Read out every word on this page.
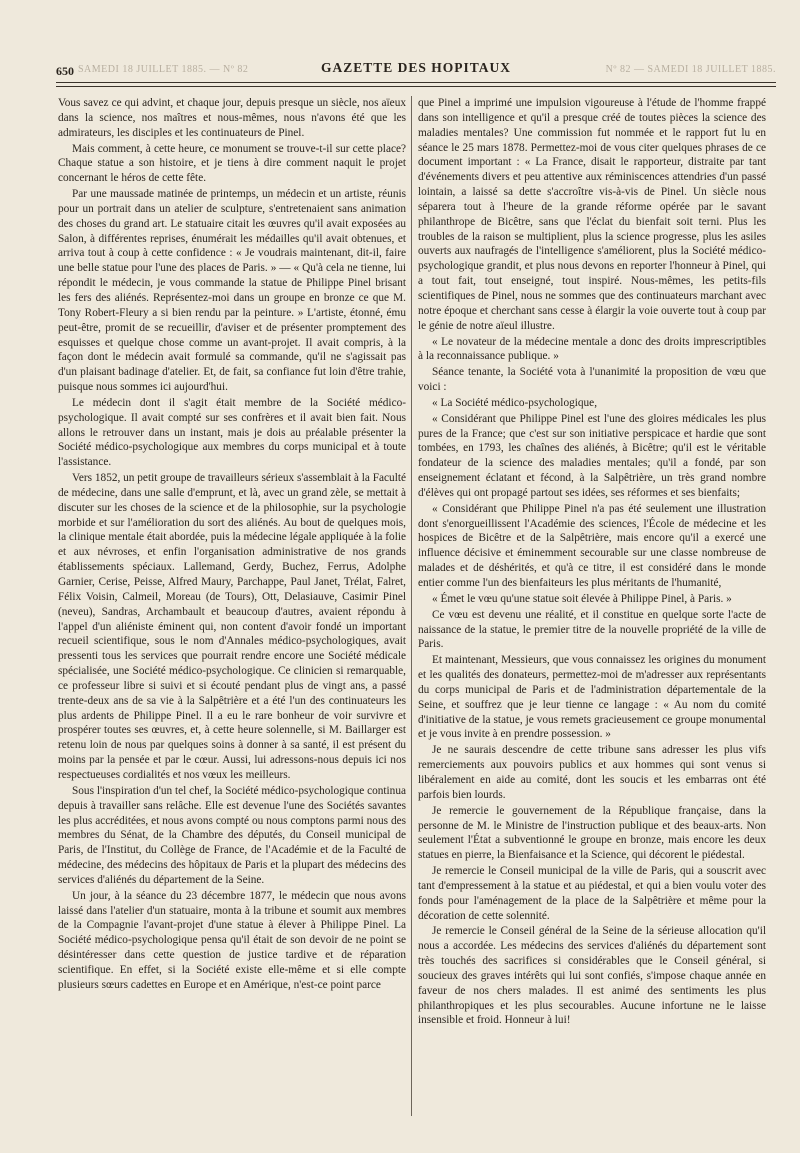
650 SAMEDI 18 JUILLET 1885. — Nº 82	GAZETTE DES HOPITAUX	Nº 82 — SAMEDI 18 JUILLET 1885.

Vous savez ce qui advint, et chaque jour, depuis presque un siècle, nos aïeux dans la science, nos maîtres et nous-mêmes, nous n'avons été que les admirateurs, les disciples et les continuateurs de Pinel.

Mais comment, à cette heure, ce monument se trouve-t-il sur cette place? Chaque statue a son histoire, et je tiens à dire comment naquit le projet concernant le héros de cette fête.

Par une maussade matinée de printemps, un médecin et un artiste, réunis pour un portrait dans un atelier de sculpture, s'entretenaient sans animation des choses du grand art. Le statuaire citait les œuvres qu'il avait exposées au Salon, à différentes reprises, énumérait les médailles qu'il avait obtenues, et arriva tout à coup à cette confidence : « Je voudrais maintenant, dit-il, faire une belle statue pour l'une des places de Paris. » — « Qu'à cela ne tienne, lui répondit le médecin, je vous commande la statue de Philippe Pinel brisant les fers des aliénés. Représentez-moi dans un groupe en bronze ce que M. Tony Robert-Fleury a si bien rendu par la peinture. » L'artiste, étonné, ému peut-être, promit de se recueillir, d'aviser et de présenter promptement des esquisses et quelque chose comme un avant-projet. Il avait compris, à la façon dont le médecin avait formulé sa commande, qu'il ne s'agissait pas d'un plaisant badinage d'atelier. Et, de fait, sa confiance fut loin d'être trahie, puisque nous sommes ici aujourd'hui.

Le médecin dont il s'agit était membre de la Société médico-psychologique. Il avait compté sur ses confrères et il avait bien fait. Nous allons le retrouver dans un instant, mais je dois au préalable présenter la Société médico-psychologique aux membres du corps municipal et à toute l'assistance.

Vers 1852, un petit groupe de travailleurs sérieux s'assemblait à la Faculté de médecine, dans une salle d'emprunt, et là, avec un grand zèle, se mettait à discuter sur les choses de la science et de la philosophie, sur la psychologie morbide et sur l'amélioration du sort des aliénés. Au bout de quelques mois, la clinique mentale était abordée, puis la médecine légale appliquée à la folie et aux névroses, et enfin l'organisation administrative de nos grands établissements spéciaux. Lallemand, Gerdy, Buchez, Ferrus, Adolphe Garnier, Cerise, Peisse, Alfred Maury, Parchappe, Paul Janet, Trélat, Falret, Félix Voisin, Calmeil, Moreau (de Tours), Ott, Delasiauve, Casimir Pinel (neveu), Sandras, Archambault et beaucoup d'autres, avaient répondu à l'appel d'un aliéniste éminent qui, non content d'avoir fondé un important recueil scientifique, sous le nom d'Annales médico-psychologiques, avait pressenti tous les services que pourrait rendre encore une Société médicale spécialisée, une Société médico-psychologique. Ce clinicien si remarquable, ce professeur libre si suivi et si écouté pendant plus de vingt ans, a passé trente-deux ans de sa vie à la Salpêtrière et a été l'un des continuateurs les plus ardents de Philippe Pinel. Il a eu le rare bonheur de voir survivre et prospérer toutes ses œuvres, et, à cette heure solennelle, si M. Baillarger est retenu loin de nous par quelques soins à donner à sa santé, il est présent du moins par la pensée et par le cœur. Aussi, lui adressons-nous depuis ici nos respectueuses cordialités et nos vœux les meilleurs.

Sous l'inspiration d'un tel chef, la Société médico-psychologique continua depuis à travailler sans relâche. Elle est devenue l'une des Sociétés savantes les plus accréditées, et nous avons compté ou nous comptons parmi nous des membres du Sénat, de la Chambre des députés, du Conseil municipal de Paris, de l'Institut, du Collège de France, de l'Académie et de la Faculté de médecine, des médecins des hôpitaux de Paris et la plupart des médecins des services d'aliénés du département de la Seine.

Un jour, à la séance du 23 décembre 1877, le médecin que nous avons laissé dans l'atelier d'un statuaire, monta à la tribune et soumit aux membres de la Compagnie l'avant-projet d'une statue à élever à Philippe Pinel. La Société médico-psychologique pensa qu'il était de son devoir de ne point se désintéresser dans cette question de justice tardive et de réparation scientifique. En effet, si la Société existe elle-même et si elle compte plusieurs sœurs cadettes en Europe et en Amérique, n'est-ce point parce

que Pinel a imprimé une impulsion vigoureuse à l'étude de l'homme frappé dans son intelligence et qu'il a presque créé de toutes pièces la science des maladies mentales? Une commission fut nommée et le rapport fut lu en séance le 25 mars 1878. Permettez-moi de vous citer quelques phrases de ce document important : « La France, disait le rapporteur, distraite par tant d'événements divers et peu attentive aux réminiscences attendries d'un passé lointain, a laissé sa dette s'accroître vis-à-vis de Pinel. Un siècle nous séparera tout à l'heure de la grande réforme opérée par le savant philanthrope de Bicêtre, sans que l'éclat du bienfait soit terni. Plus les troubles de la raison se multiplient, plus la science progresse, plus les asiles ouverts aux naufragés de l'intelligence s'améliorent, plus la Société médico-psychologique grandit, et plus nous devons en reporter l'honneur à Pinel, qui a tout fait, tout enseigné, tout inspiré. Nous-mêmes, les petits-fils scientifiques de Pinel, nous ne sommes que des continuateurs marchant avec notre époque et cherchant sans cesse à élargir la voie ouverte tout à coup par le génie de notre aïeul illustre.

« Le novateur de la médecine mentale a donc des droits imprescriptibles à la reconnaissance publique. »

Séance tenante, la Société vota à l'unanimité la proposition de vœu que voici :

« La Société médico-psychologique,

« Considérant que Philippe Pinel est l'une des gloires médicales les plus pures de la France; que c'est sur son initiative perspicace et hardie que sont tombées, en 1793, les chaînes des aliénés, à Bicêtre; qu'il est le véritable fondateur de la science des maladies mentales; qu'il a fondé, par son enseignement éclatant et fécond, à la Salpêtrière, un très grand nombre d'élèves qui ont propagé partout ses idées, ses réformes et ses bienfaits;

« Considérant que Philippe Pinel n'a pas été seulement une illustration dont s'enorgueillissent l'Académie des sciences, l'École de médecine et les hospices de Bicêtre et de la Salpêtrière, mais encore qu'il a exercé une influence décisive et éminemment secourable sur une classe nombreuse de malades et de déshérités, et qu'à ce titre, il est considéré dans le monde entier comme l'un des bienfaiteurs les plus méritants de l'humanité,

« Émet le vœu qu'une statue soit élevée à Philippe Pinel, à Paris. »

Ce vœu est devenu une réalité, et il constitue en quelque sorte l'acte de naissance de la statue, le premier titre de la nouvelle propriété de la ville de Paris.

Et maintenant, Messieurs, que vous connaissez les origines du monument et les qualités des donateurs, permettez-moi de m'adresser aux représentants du corps municipal de Paris et de l'administration départementale de la Seine, et souffrez que je leur tienne ce langage : « Au nom du comité d'initiative de la statue, je vous remets gracieusement ce groupe monumental et je vous invite à en prendre possession. »

Je ne saurais descendre de cette tribune sans adresser les plus vifs remerciements aux pouvoirs publics et aux hommes qui sont venus si libéralement en aide au comité, dont les soucis et les embarras ont été parfois bien lourds.

Je remercie le gouvernement de la République française, dans la personne de M. le Ministre de l'instruction publique et des beaux-arts. Non seulement l'État a subventionné le groupe en bronze, mais encore les deux statues en pierre, la Bienfaisance et la Science, qui décorent le piédestal.

Je remercie le Conseil municipal de la ville de Paris, qui a souscrit avec tant d'empressement à la statue et au piédestal, et qui a bien voulu voter des fonds pour l'aménagement de la place de la Salpêtrière et même pour la décoration de cette solennité.

Je remercie le Conseil général de la Seine de la sérieuse allocation qu'il nous a accordée. Les médecins des services d'aliénés du département sont très touchés des sacrifices si considérables que le Conseil général, si soucieux des graves intérêts qui lui sont confiés, s'impose chaque année en faveur de nos chers malades. Il est animé des sentiments les plus philanthropiques et les plus secourables. Aucune infortune ne le laisse insensible et froid. Honneur à lui!
